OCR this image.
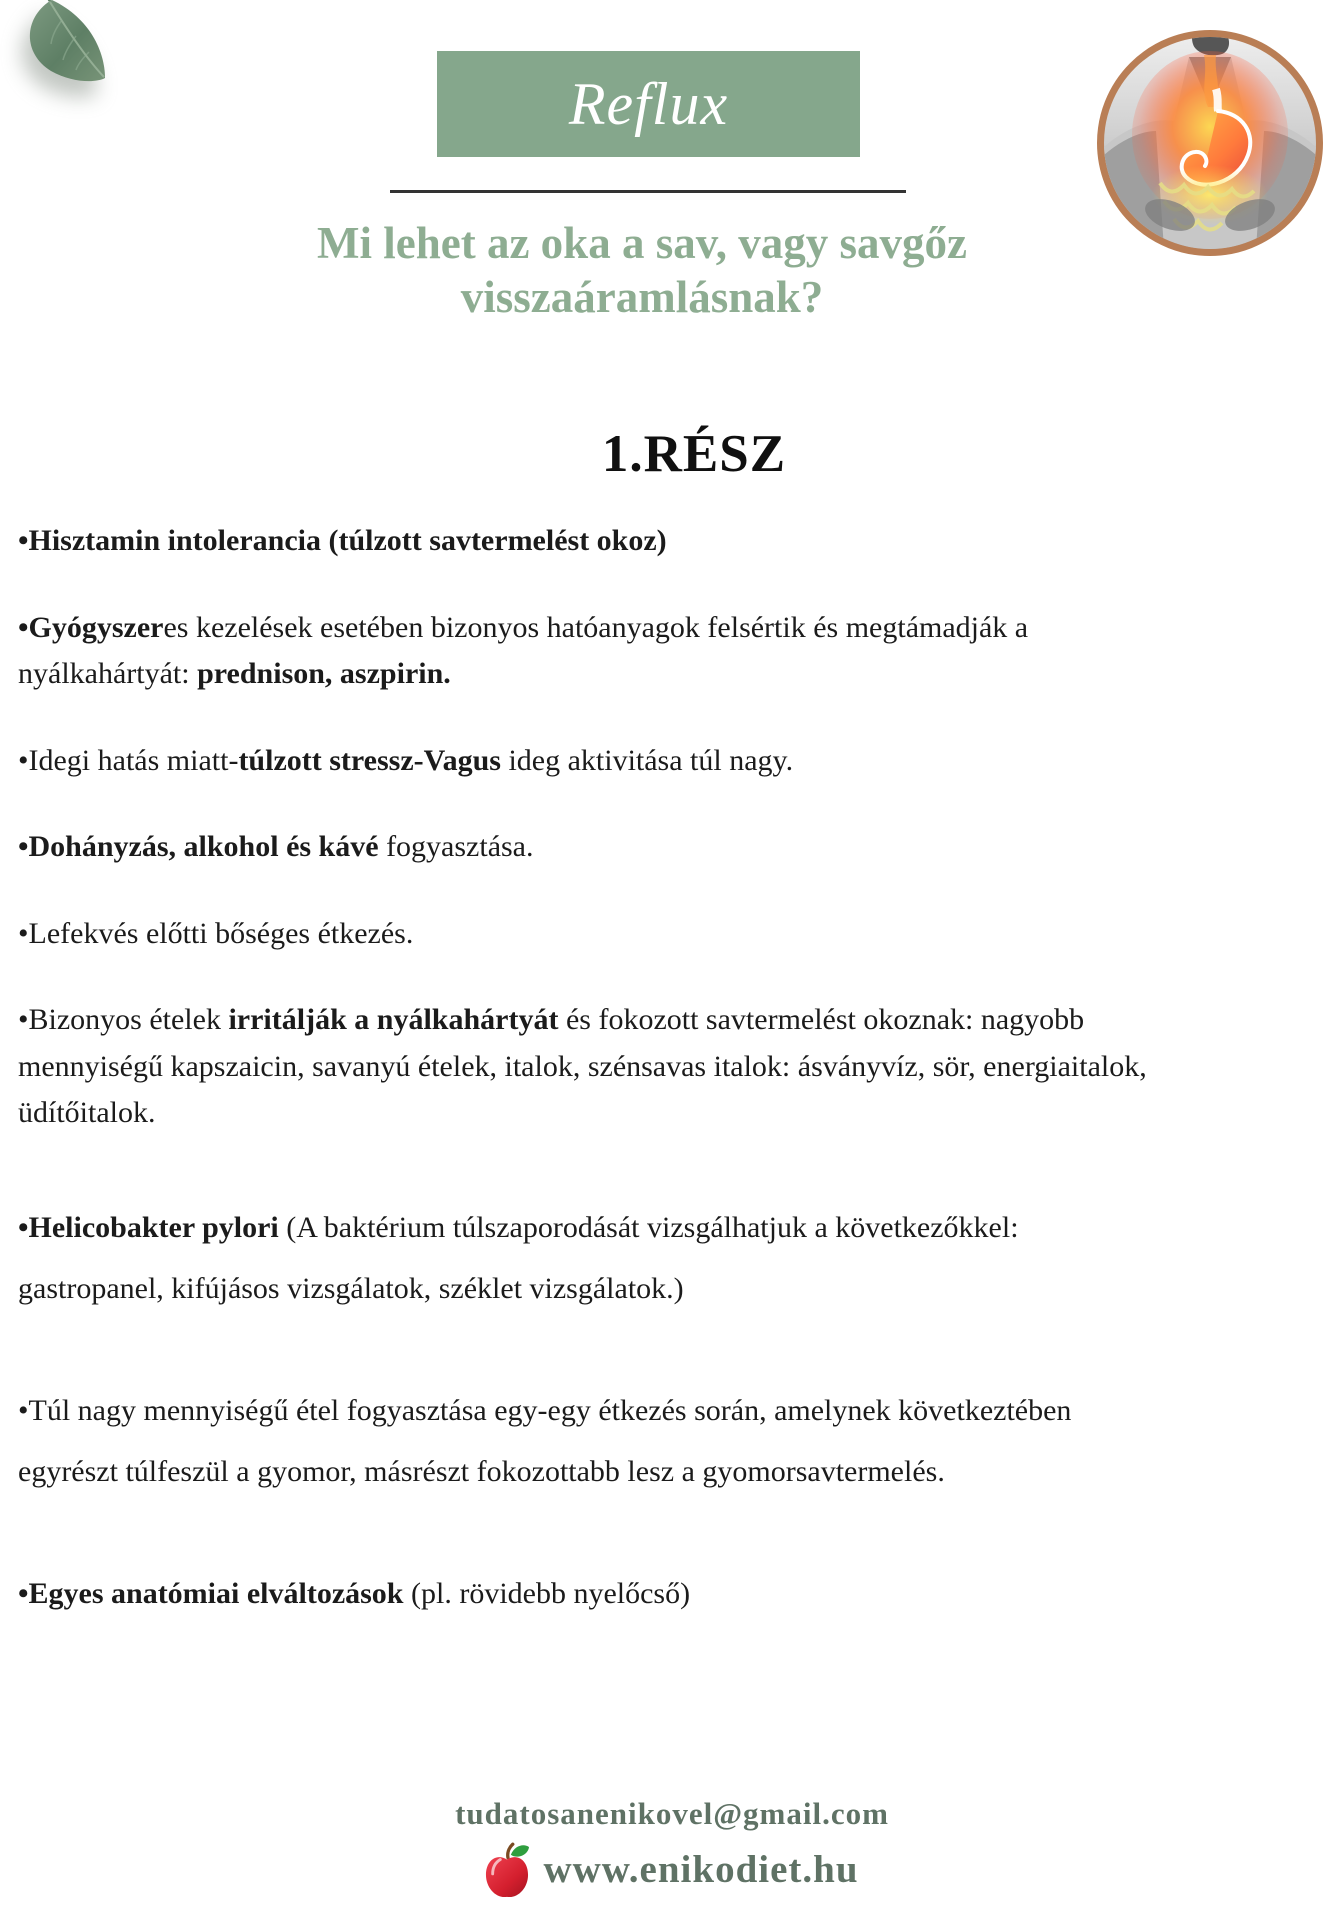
Reflux
Mi lehet az oka a sav, vagy savgőz visszaáramlásnak?
1.RÉSZ

•Hisztamin intolerancia (túlzott savtermelést okoz)

•Gyógyszeres kezelések esetében bizonyos hatóanyagok felsértik és megtámadják a nyálkahártyát: prednison, aszpirin.

•Idegi hatás miatt-túlzott stressz-Vagus ideg aktivitása túl nagy.

•Dohányzás, alkohol és kávé fogyasztása.

•Lefekvés előtti bőséges étkezés.

•Bizonyos ételek irritálják a nyálkahártyát és fokozott savtermelést okoznak: nagyobb mennyiségű kapszaicin, savanyú ételek, italok, szénsavas italok: ásványvíz, sör, energiaitalok, üdítőitalok.

•Helicobakter pylori (A baktérium túlszaporodását vizsgálhatjuk a következőkkel: gastropanel, kifújásos vizsgálatok, széklet vizsgálatok.)

•Túl nagy mennyiségű étel fogyasztása egy-egy étkezés során, amelynek következtében egyrészt túlfeszül a gyomor, másrészt fokozottabb lesz a gyomorsavtermelés.

•Egyes anatómiai elváltozások (pl. rövidebb nyelőcső)

tudatosanenikovel@gmail.com
www.enikodiet.hu
